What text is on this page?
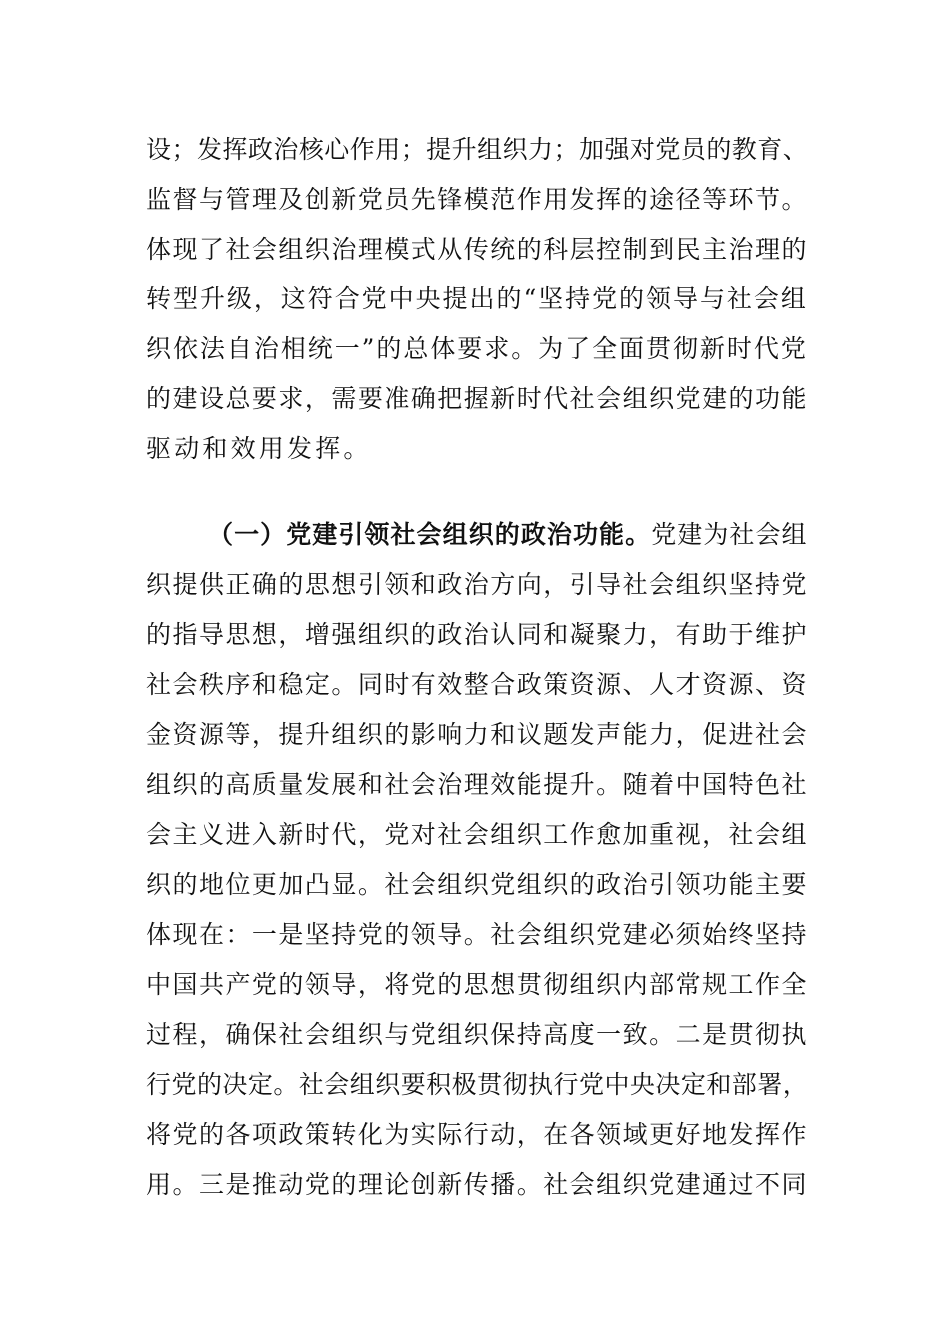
设；发挥政治核心作用；提升组织力；加强对党员的教育、
监督与管理及创新党员先锋模范作用发挥的途径等环节。
体现了社会组织治理模式从传统的科层控制到民主治理的
转型升级，这符合党中央提出的“坚持党的领导与社会组
织依法自治相统一”的总体要求。为了全面贯彻新时代党
的建设总要求，需要准确把握新时代社会组织党建的功能
驱动和效用发挥。
（一）党建引领社会组织的政治功能。党建为社会组
织提供正确的思想引领和政治方向，引导社会组织坚持党
的指导思想，增强组织的政治认同和凝聚力，有助于维护
社会秩序和稳定。同时有效整合政策资源、人才资源、资
金资源等，提升组织的影响力和议题发声能力，促进社会
组织的高质量发展和社会治理效能提升。随着中国特色社
会主义进入新时代，党对社会组织工作愈加重视，社会组
织的地位更加凸显。社会组织党组织的政治引领功能主要
体现在：一是坚持党的领导。社会组织党建必须始终坚持
中国共产党的领导，将党的思想贯彻组织内部常规工作全
过程，确保社会组织与党组织保持高度一致。二是贯彻执
行党的决定。社会组织要积极贯彻执行党中央决定和部署，
将党的各项政策转化为实际行动，在各领域更好地发挥作
用。三是推动党的理论创新传播。社会组织党建通过不同
